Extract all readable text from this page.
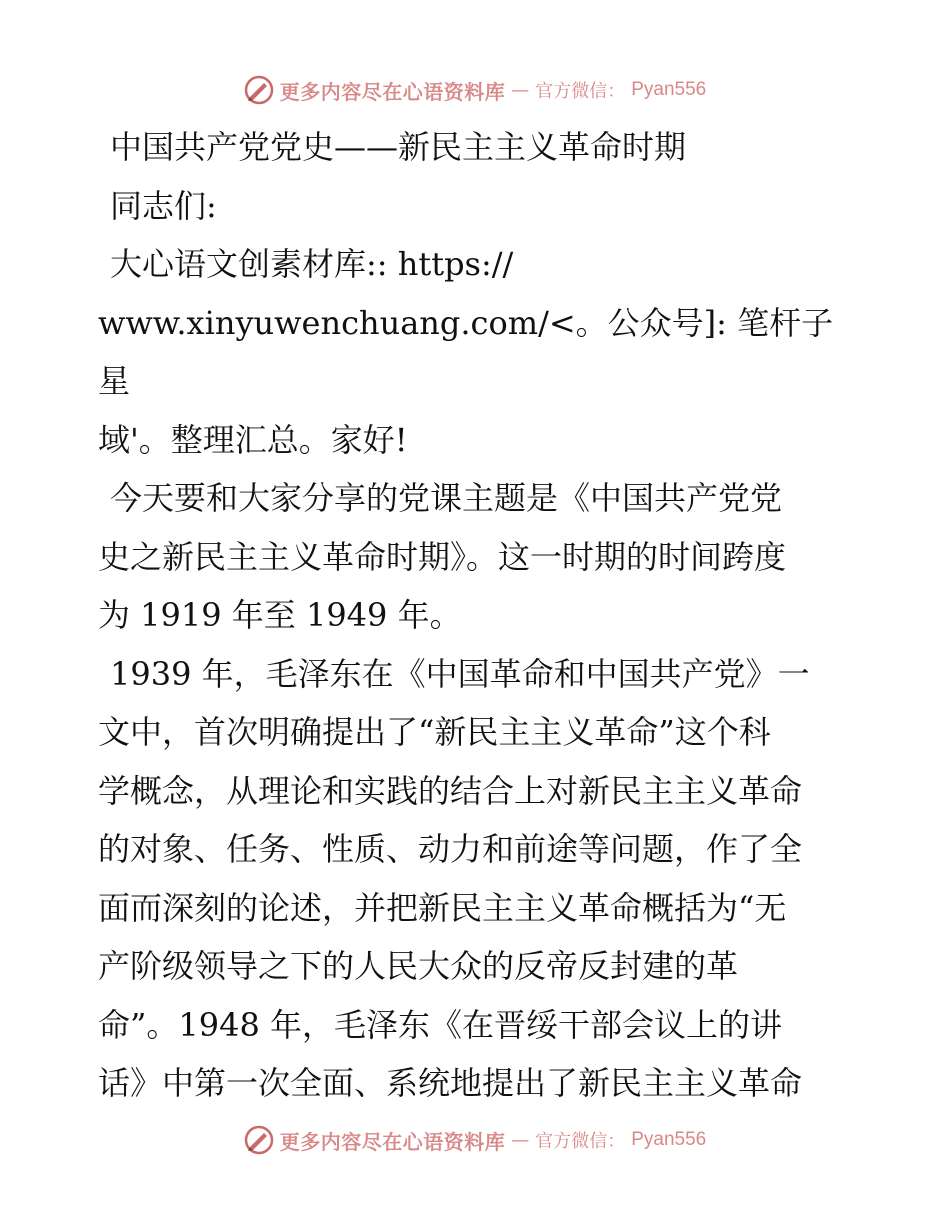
更多内容尽在心语资料库 — 官方微信： Pyan556

中国共产党党史——新民主主义革命时期

同志们:

大心语文创素材库:: https://

www.xinyuwenchuang.com/<。公众号]: 笔杆子星

域'。整理汇总。家好!

今天要和大家分享的党课主题是《中国共产党党

史之新民主主义革命时期》。这一时期的时间跨度

为 1919 年至 1949 年。

1939 年，毛泽东在《中国革命和中国共产党》一

文中，首次明确提出了“新民主主义革命”这个科

学概念，从理论和实践的结合上对新民主主义革命

的对象、任务、性质、动力和前途等问题，作了全

面而深刻的论述，并把新民主主义革命概括为“无

产阶级领导之下的人民大众的反帝反封建的革

命”。1948 年，毛泽东《在晋绥干部会议上的讲

话》中第一次全面、系统地提出了新民主主义革命

更多内容尽在心语资料库 — 官方微信： Pyan556
